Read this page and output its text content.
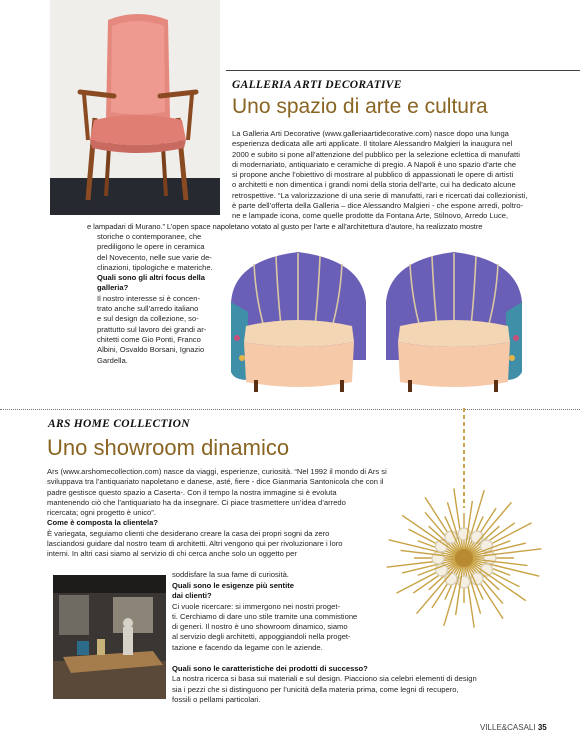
GALLERIA ARTI DECORATIVE
Uno spazio di arte e cultura

La Galleria Arti Decorative (www.galleriaartidecorative.com) nasce dopo una lunga

esperienza dedicata alle arti applicate. Il titolare Alessandro Malgieri la inaugura nel

2000 e subito si pone all’attenzione del pubblico per la selezione eclettica di manufatti

di modernariato, antiquariato e ceramiche di pregio. A Napoli è uno spazio d’arte che

si propone anche l’obiettivo di mostrare al pubblico di appassionati le opere di artisti

o architetti e non dimentica i grandi nomi della storia dell’arte, cui ha dedicato alcune

retrospettive. “La valorizzazione di una serie di manufatti, rari e ricercati dai collezionisti,

è parte dell’offerta della Galleria – dice Alessandro Malgieri - che espone arredi, poltro-

ne e lampade icona, come quelle prodotte da Fontana Arte, Stilnovo, Arredo Luce,

e lampadari di Murano.” L’open space napoletano votato al gusto per l’arte e all’architettura d’autore, ha realizzato mostre

storiche o contemporanee, che

prediligono le opere in ceramica

del Novecento, nelle sue varie de-

clinazioni, tipologiche e materiche.

Quali sono gli altri focus della

galleria?

Il nostro interesse si è concen-

trato anche sull’arredo italiano

e sul design da collezione, so-

prattutto sul lavoro dei grandi ar-

chitetti come Gio Ponti, Franco

Albini, Osvaldo Borsani, Ignazio

Gardella.

ARS HOME COLLECTION
Uno showroom dinamico

Ars (www.arshomecollection.com) nasce da viaggi, esperienze, curiosità. “Nel 1992 il mondo di Ars si

sviluppava tra l’antiquariato napoletano e danese, asté, fiere - dice Gianmaria Santonicola che con il

padre gestisce questo spazio a Caserta-. Con il tempo la nostra immagine si è evoluta

mantenendo ciò che l’antiquariato ha da insegnare. Ci piace trasmettere un’idea d’arredo

ricercata; ogni progetto è unico”.

Come è composta la clientela?

È variegata, seguiamo clienti che desiderano creare la casa dei propri sogni da zero

lasciandosi guidare dal nostro team di architetti. Altri vengono qui per rivoluzionare i loro

interni. In altri casi siamo al servizio di chi cerca anche solo un oggetto per

soddisfare la sua fame di curiosità.

Quali sono le esigenze più sentite

dai clienti?

Ci vuole ricercare: si immergono nei nostri proget-

ti. Cerchiamo di dare uno stile tramite una commistione

di generi. Il nostro è uno showroom dinamico, siamo

al servizio degli architetti, appoggiandoli nella proget-

tazione e facendo da legame con le aziende.

Quali sono le caratteristiche dei prodotti di successo?

La nostra ricerca si basa sui materiali e sul design. Piacciono sia celebri elementi di design

sia i pezzi che si distinguono per l’unicità della materia prima, come legni di recupero,

fossili o pellami particolari.

VILLE&CASALI 35
